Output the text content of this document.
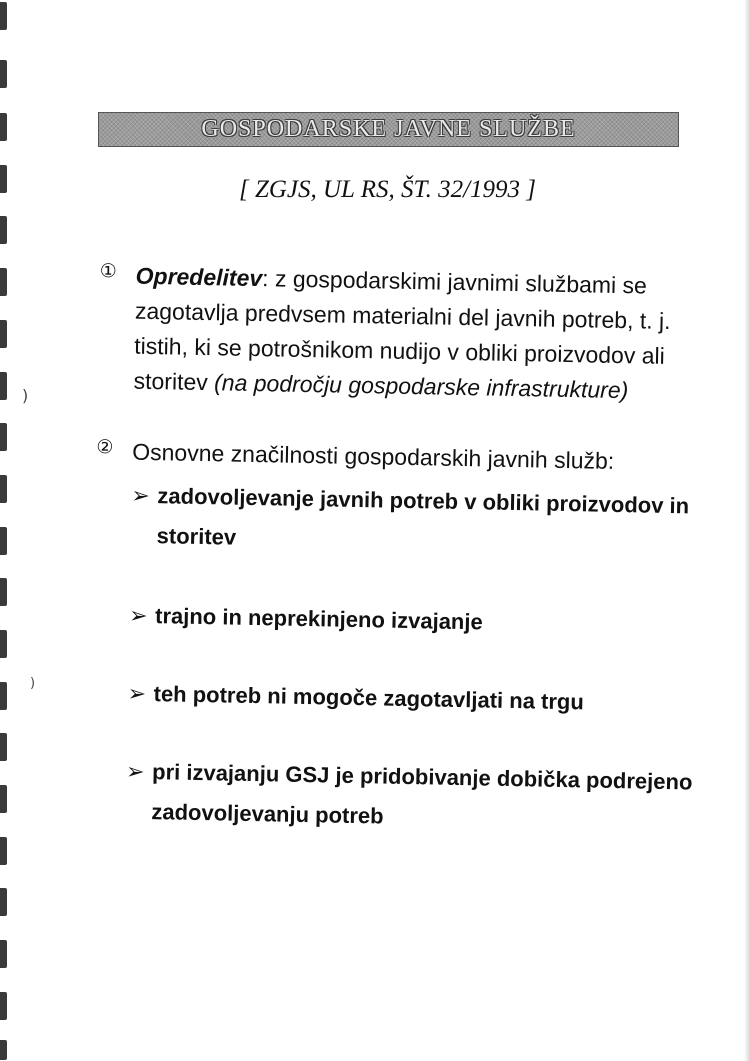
)
)
GOSPODARSKE JAVNE SLUŽBE
[ ZGJS, UL RS, ŠT. 32/1993 ]
① Opredelitev: z gospodarskimi javnimi službami se zagotavlja predvsem materialni del javnih potreb, t. j. tistih, ki se potrošnikom nudijo v obliki proizvodov ali storitev (na področju gospodarske infrastrukture)
② Osnovne značilnosti gospodarskih javnih služb:
➢ zadovoljevanje javnih potreb v obliki proizvodov in storitev
➢ trajno in neprekinjeno izvajanje
➢ teh potreb ni mogoče zagotavljati na trgu
➢ pri izvajanju GSJ je pridobivanje dobička podrejeno zadovoljevanju potreb
